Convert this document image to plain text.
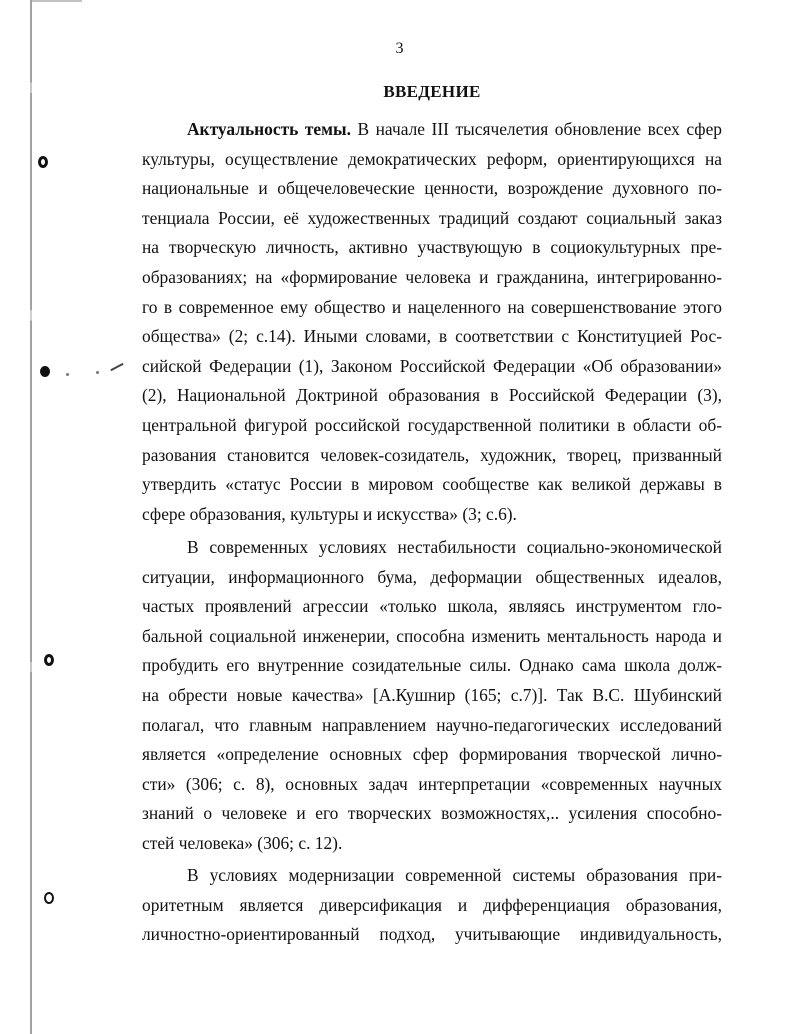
3
ВВЕДЕНИЕ
Актуальность темы. В начале III тысячелетия обновление всех сфер
культуры, осуществление демократических реформ, ориентирующихся на
национальные и общечеловеческие ценности, возрождение духовного по-
тенциала России, её художественных традиций создают социальный заказ
на творческую личность, активно участвующую в социокультурных пре-
образованиях; на «формирование человека и гражданина, интегрированно-
го в современное ему общество и нацеленного на совершенствование этого
общества» (2; с.14). Иными словами, в соответствии с Конституцией Рос-
сийской Федерации (1), Законом Российской Федерации «Об образовании»
(2), Национальной Доктриной образования в Российской Федерации (3),
центральной фигурой российской государственной политики в области об-
разования становится человек-созидатель, художник, творец, призванный
утвердить «статус России в мировом сообществе как великой державы в
сфере образования, культуры и искусства» (3; с.6).
В современных условиях нестабильности социально-экономической
ситуации, информационного бума, деформации общественных идеалов,
частых проявлений агрессии «только школа, являясь инструментом гло-
бальной социальной инженерии, способна изменить ментальность народа и
пробудить его внутренние созидательные силы. Однако сама школа долж-
на обрести новые качества» [А.Кушнир (165; с.7)]. Так B.C. Шубинский
полагал, что главным направлением научно-педагогических исследований
является «определение основных сфер формирования творческой лично-
сти» (306; с. 8), основных задач интерпретации «современных научных
знаний о человеке и его творческих возможностях,.. усиления способно-
стей человека» (306; с. 12).
В условиях модернизации современной системы образования при-
оритетным является диверсификация и дифференциация образования,
личностно-ориентированный подход, учитывающие индивидуальность,
